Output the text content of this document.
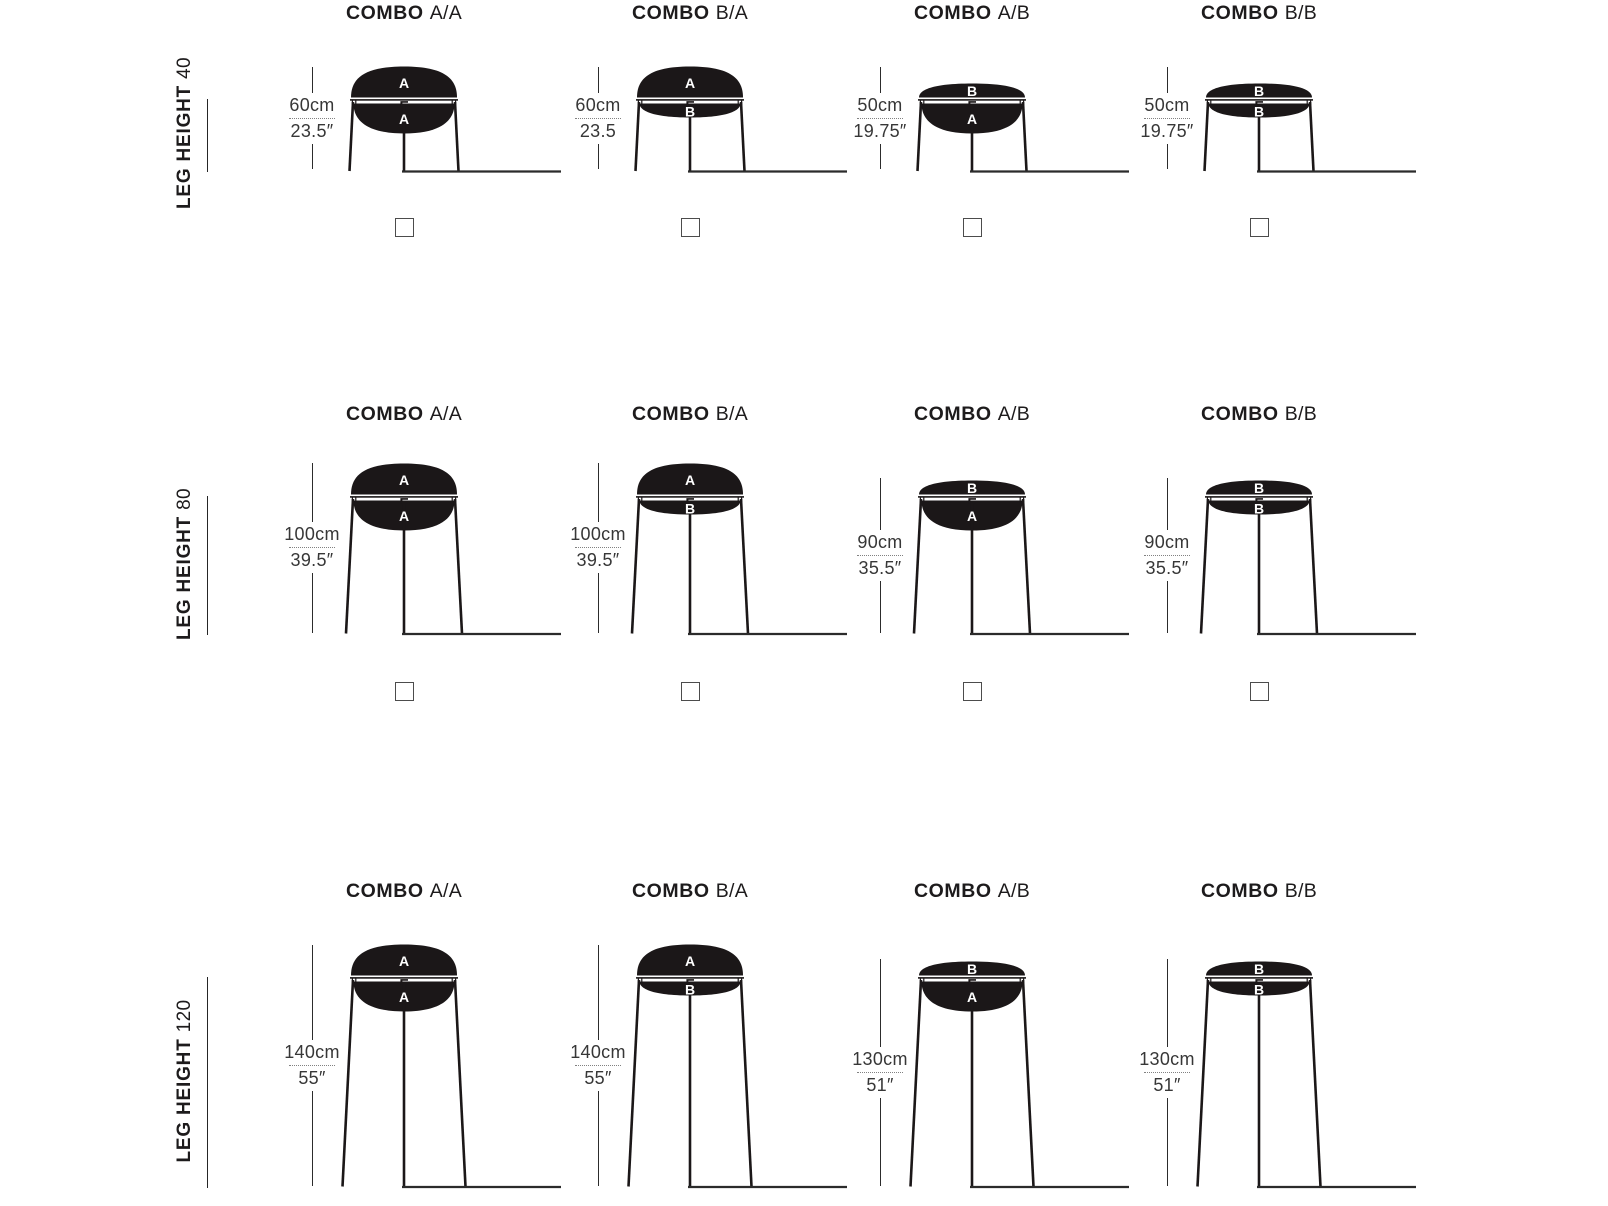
LEG HEIGHT40
LEG HEIGHT80
LEG HEIGHT120
COMBO A/A
60cm
23.5″
A
A
COMBO B/A
60cm
23.5
A
B
COMBO A/B
50cm
19.75″
B
A
COMBO B/B
50cm
19.75″
B
B
COMBO A/A
100cm
39.5″
A
A
COMBO B/A
100cm
39.5″
A
B
COMBO A/B
90cm
35.5″
B
A
COMBO B/B
90cm
35.5″
B
B
COMBO A/A
140cm
55″
A
A
COMBO B/A
140cm
55″
A
B
COMBO A/B
130cm
51″
B
A
COMBO B/B
130cm
51″
B
B
